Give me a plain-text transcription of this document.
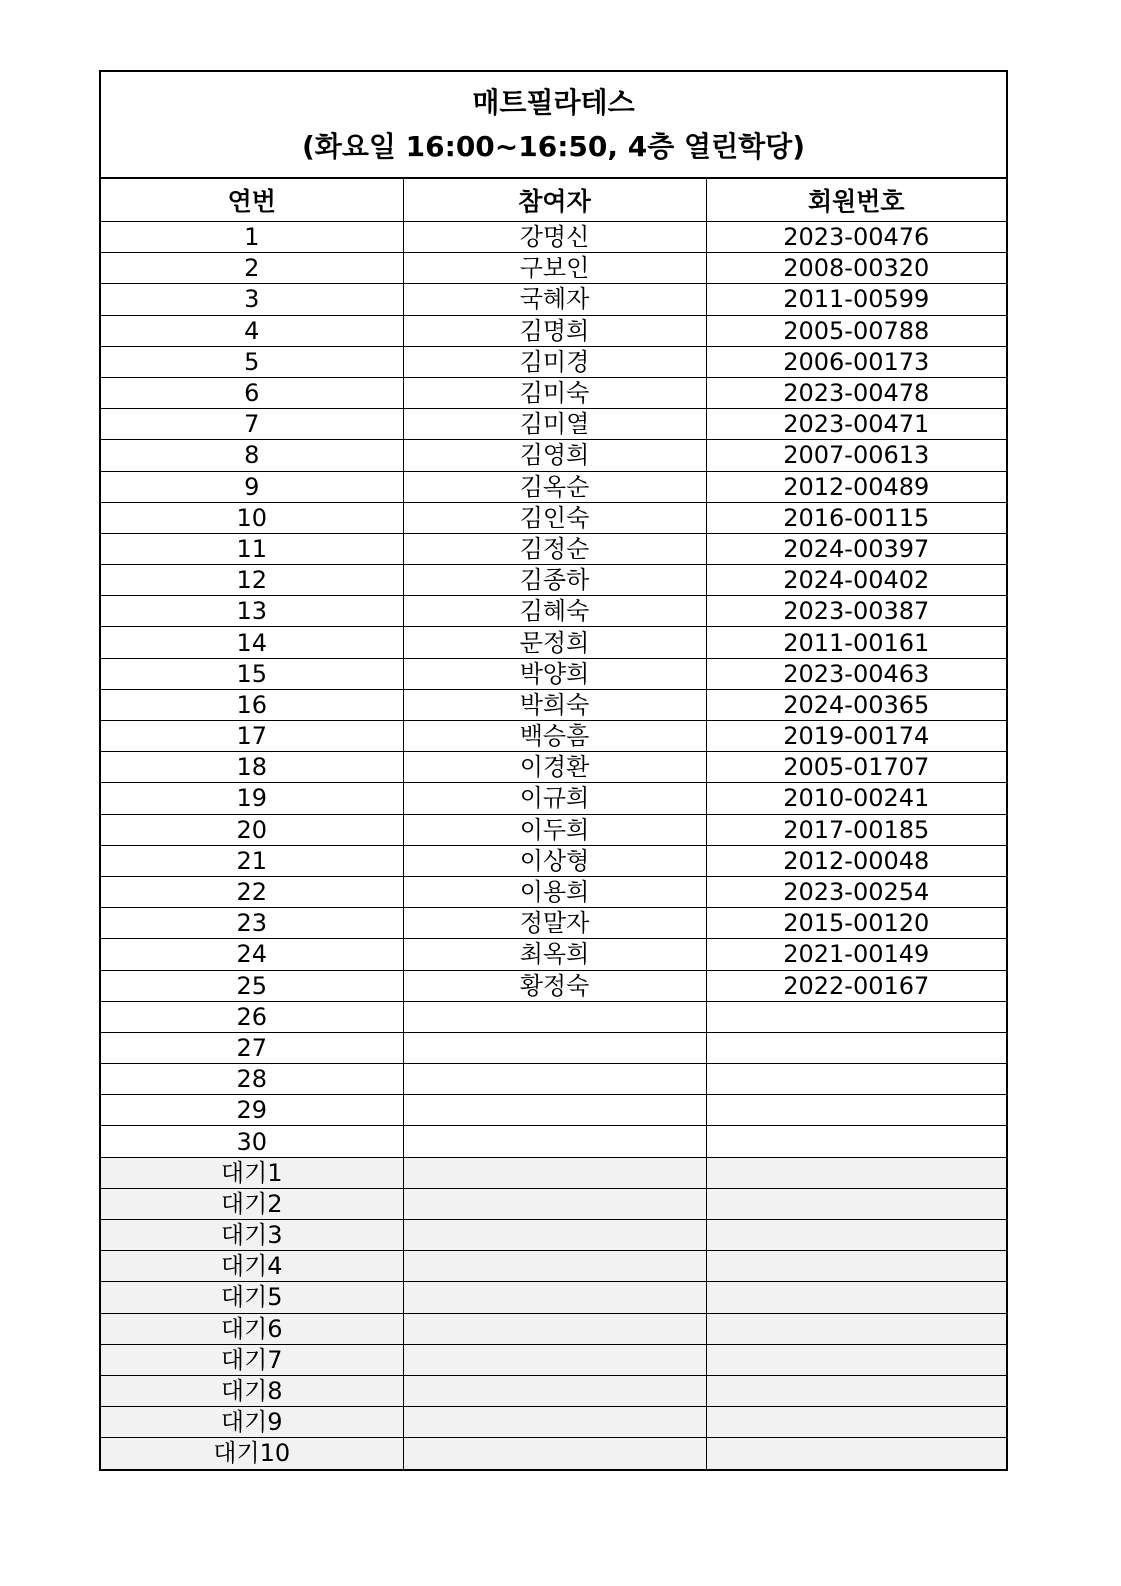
매트필라테스
(화요일 16:00~16:50, 4층 열린학당)
연번	참여자	회원번호
1	강명신	2023-00476
2	구보인	2008-00320
3	국혜자	2011-00599
4	김명희	2005-00788
5	김미경	2006-00173
6	김미숙	2023-00478
7	김미열	2023-00471
8	김영희	2007-00613
9	김옥순	2012-00489
10	김인숙	2016-00115
11	김정순	2024-00397
12	김종하	2024-00402
13	김혜숙	2023-00387
14	문정희	2011-00161
15	박양희	2023-00463
16	박희숙	2024-00365
17	백승흠	2019-00174
18	이경환	2005-01707
19	이규희	2010-00241
20	이두희	2017-00185
21	이상형	2012-00048
22	이용희	2023-00254
23	정말자	2015-00120
24	최옥희	2021-00149
25	황정숙	2022-00167
26		
27		
28		
29		
30		
대기1		
대기2		
대기3		
대기4		
대기5		
대기6		
대기7		
대기8		
대기9		
대기10		
